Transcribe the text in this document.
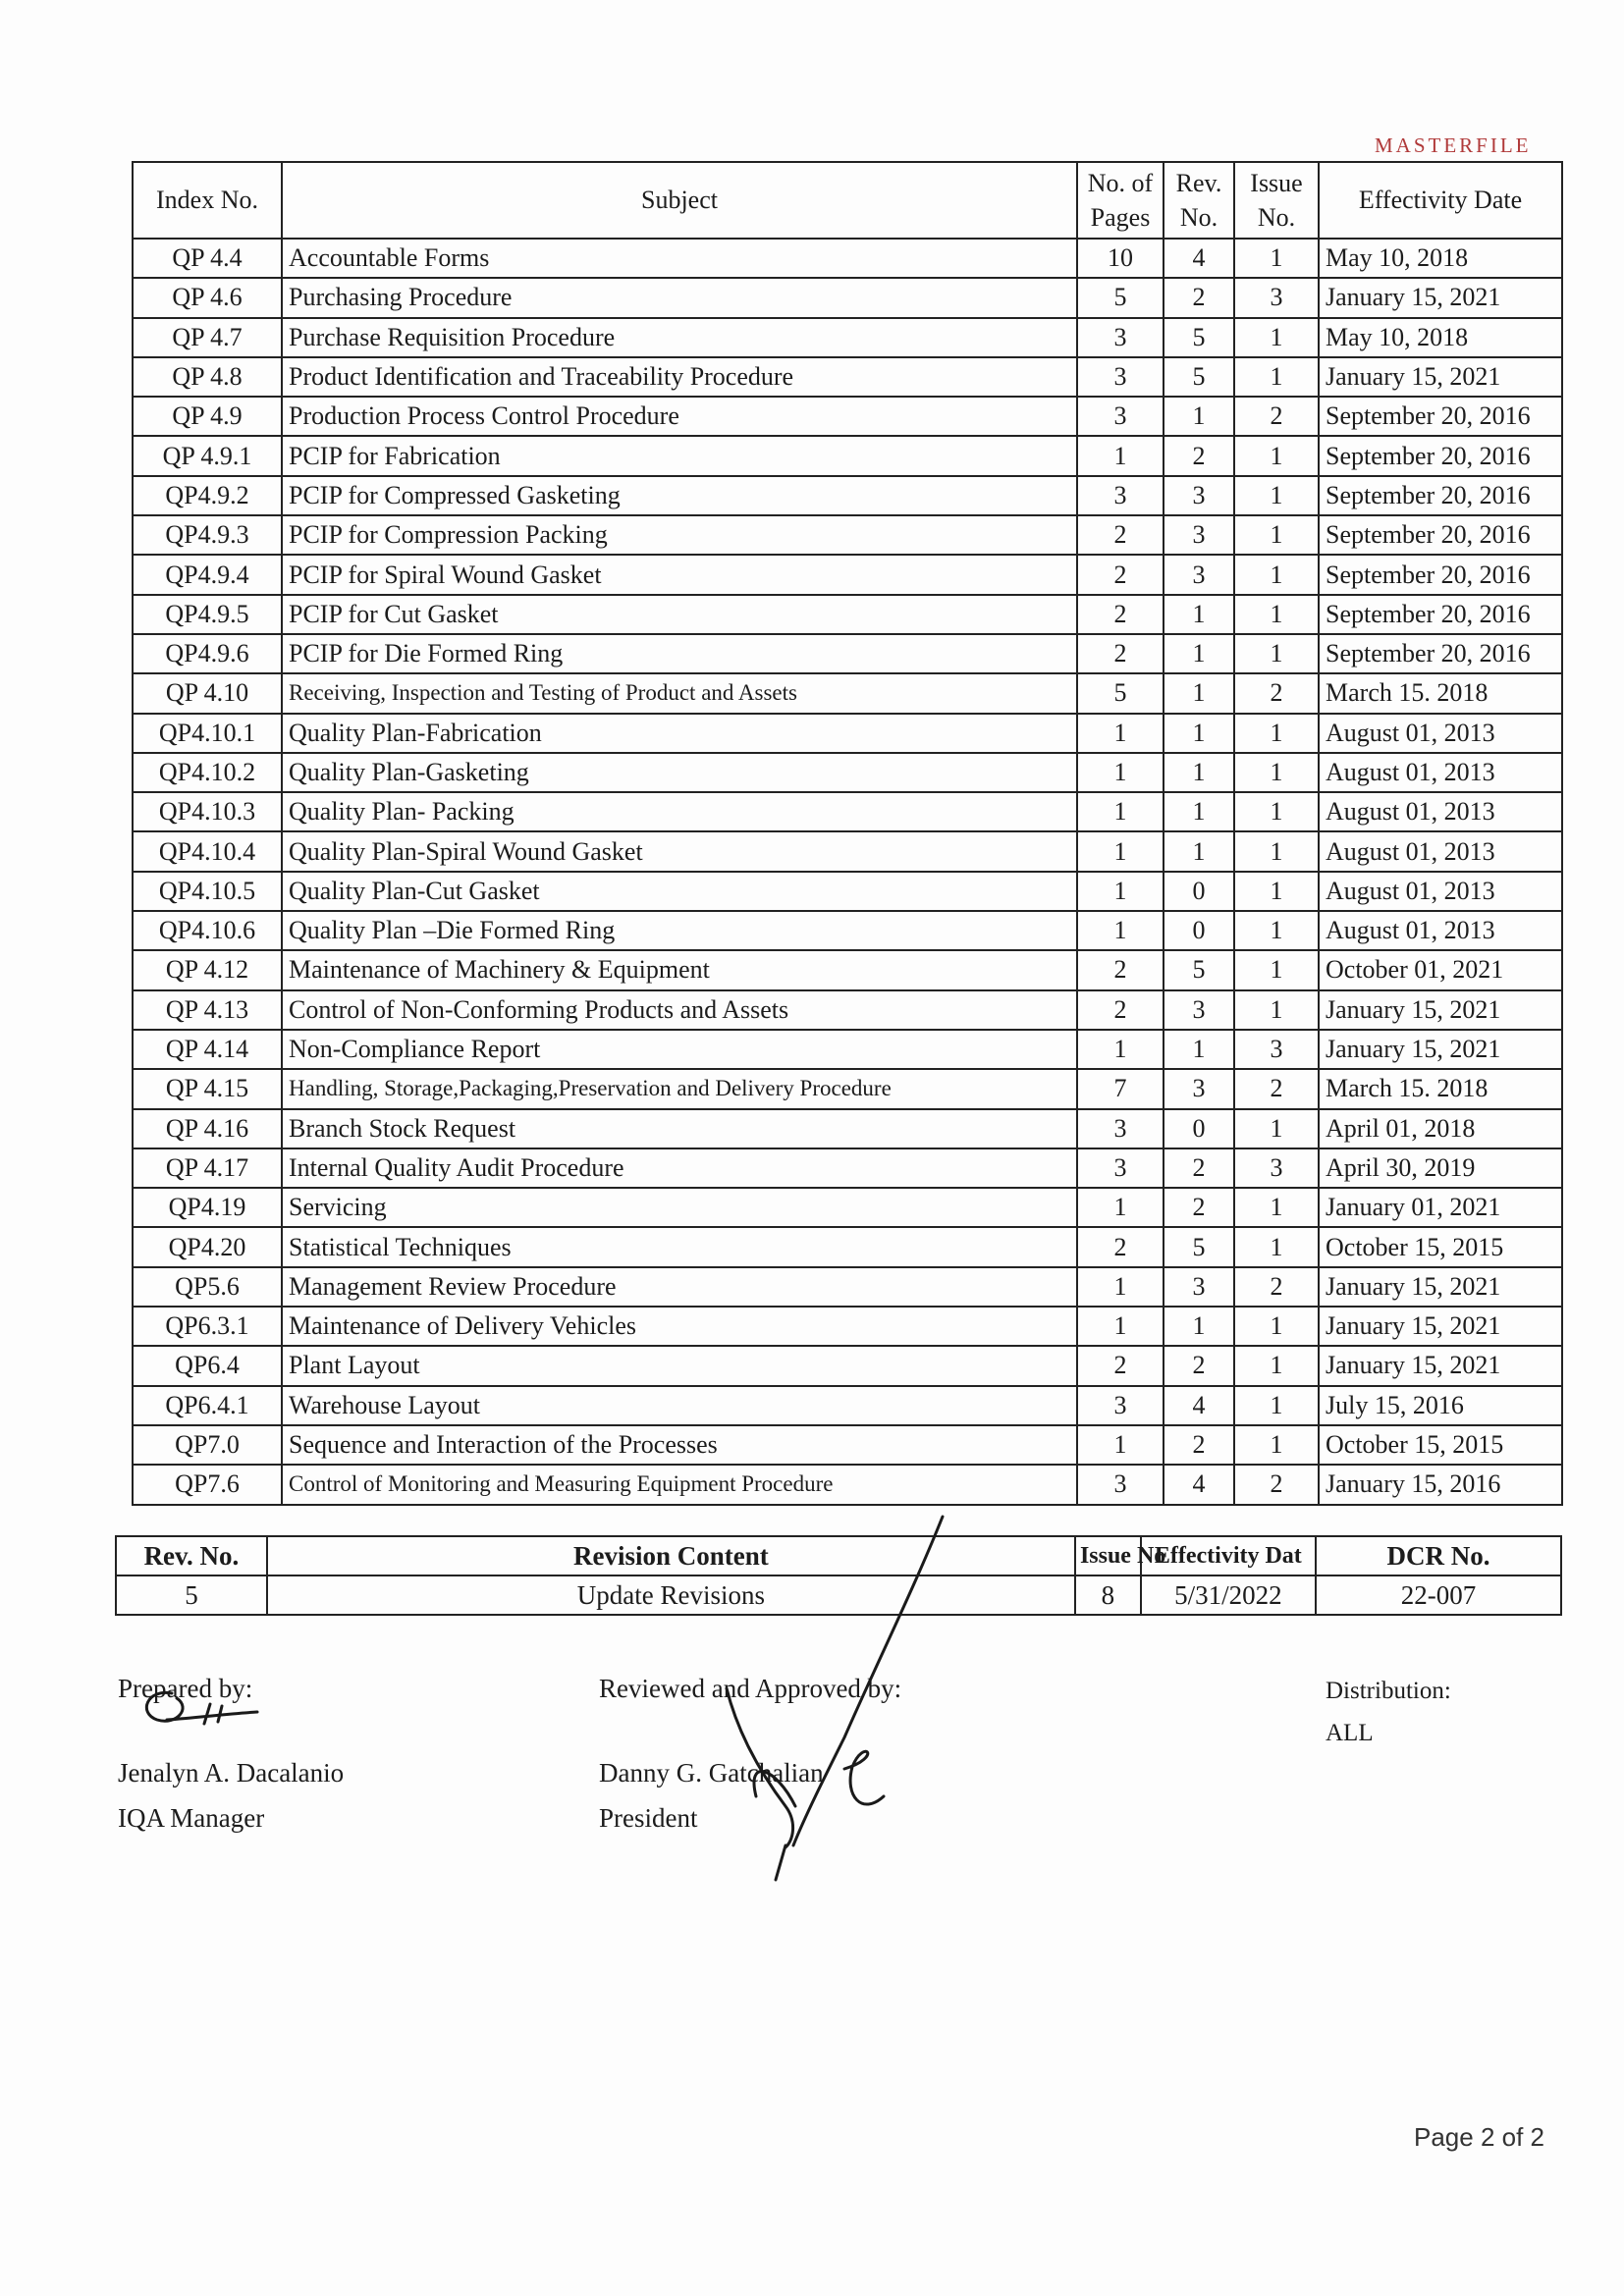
MASTERFILE
Index No.	Subject	No. of Pages	Rev. No.	Issue No.	Effectivity Date
QP 4.4	Accountable Forms	10	4	1	May 10, 2018
QP 4.6	Purchasing Procedure	5	2	3	January 15, 2021
QP 4.7	Purchase Requisition Procedure	3	5	1	May 10, 2018
QP 4.8	Product Identification and Traceability Procedure	3	5	1	January 15, 2021
QP 4.9	Production Process Control Procedure	3	1	2	September 20, 2016
QP 4.9.1	PCIP for Fabrication	1	2	1	September 20, 2016
QP4.9.2	PCIP for Compressed Gasketing	3	3	1	September 20, 2016
QP4.9.3	PCIP for Compression Packing	2	3	1	September 20, 2016
QP4.9.4	PCIP for Spiral Wound Gasket	2	3	1	September 20, 2016
QP4.9.5	PCIP for Cut Gasket	2	1	1	September 20, 2016
QP4.9.6	PCIP for Die Formed Ring	2	1	1	September 20, 2016
QP 4.10	Receiving, Inspection and Testing of Product and Assets	5	1	2	March 15. 2018
QP4.10.1	Quality Plan-Fabrication	1	1	1	August 01, 2013
QP4.10.2	Quality Plan-Gasketing	1	1	1	August 01, 2013
QP4.10.3	Quality Plan- Packing	1	1	1	August 01, 2013
QP4.10.4	Quality Plan-Spiral Wound Gasket	1	1	1	August 01, 2013
QP4.10.5	Quality Plan-Cut Gasket	1	0	1	August 01, 2013
QP4.10.6	Quality Plan –Die Formed Ring	1	0	1	August 01, 2013
QP 4.12	Maintenance of Machinery & Equipment	2	5	1	October 01, 2021
QP 4.13	Control of Non-Conforming Products and Assets	2	3	1	January 15, 2021
QP 4.14	Non-Compliance Report	1	1	3	January 15, 2021
QP 4.15	Handling, Storage,Packaging,Preservation and Delivery Procedure	7	3	2	March 15. 2018
QP 4.16	Branch Stock Request	3	0	1	April 01, 2018
QP 4.17	Internal Quality Audit Procedure	3	2	3	April 30, 2019
QP4.19	Servicing	1	2	1	January 01, 2021
QP4.20	Statistical Techniques	2	5	1	October 15, 2015
QP5.6	Management Review Procedure	1	3	2	January 15, 2021
QP6.3.1	Maintenance of Delivery Vehicles	1	1	1	January 15, 2021
QP6.4	Plant Layout	2	2	1	January 15, 2021
QP6.4.1	Warehouse Layout	3	4	1	July 15, 2016
QP7.0	Sequence and Interaction of the Processes	1	2	1	October 15, 2015
QP7.6	Control of Monitoring and Measuring Equipment Procedure	3	4	2	January 15, 2016
Rev. No.	Revision Content	Issue No	Effectivity Dat	DCR No.
5	Update Revisions	8	5/31/2022	22-007
Prepared by:
Jenalyn A. Dacalanio
IQA Manager
Reviewed and Approved by:
Danny G. Gatchalian
President
Distribution:
ALL
Page 2 of 2
